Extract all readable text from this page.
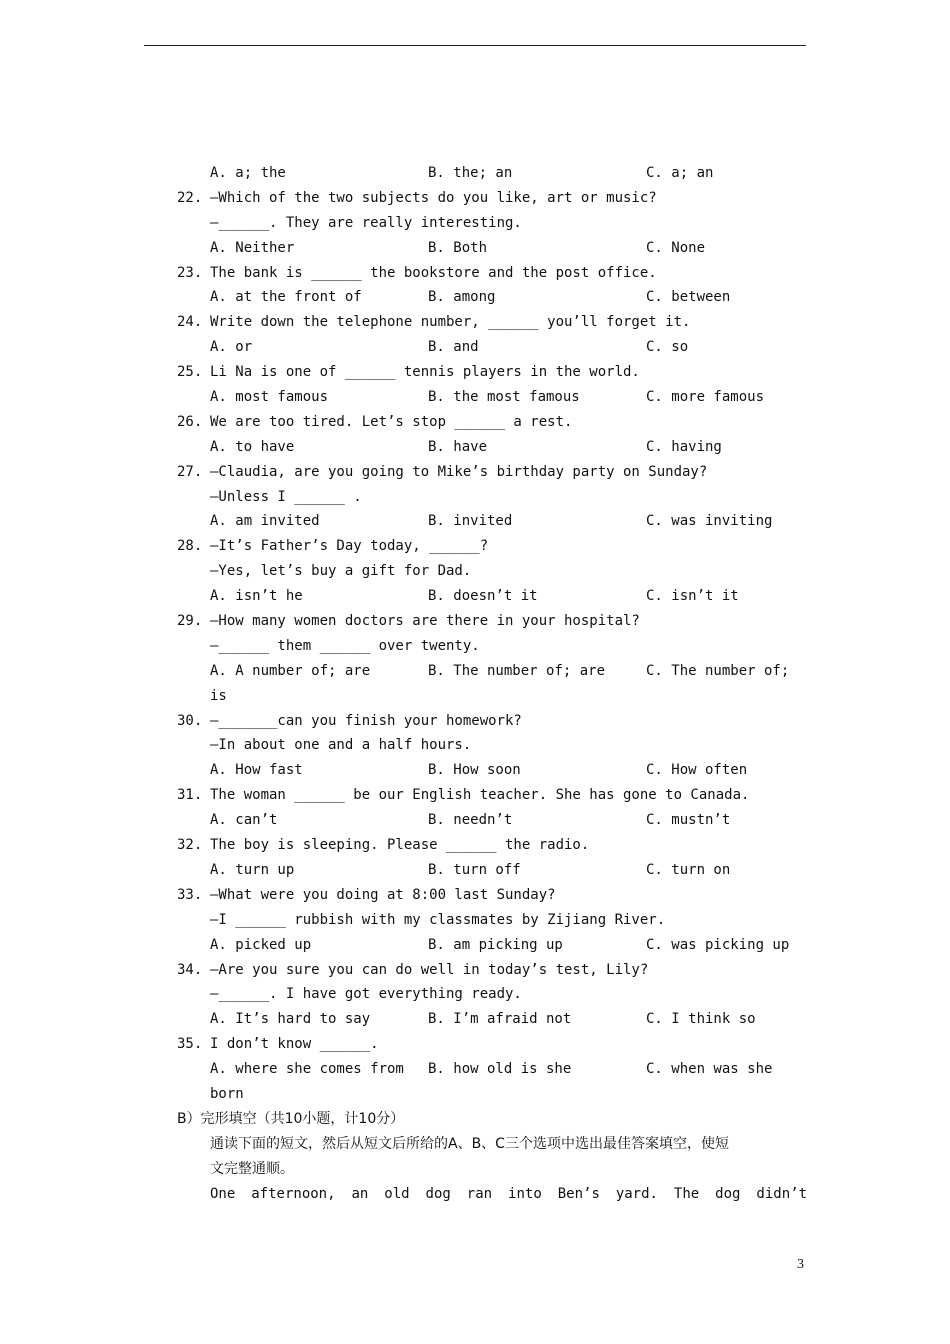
A. a; the

	B. the; an

	C. a; an

22. —Which of the two subjects do you like, art or music?
—______. They are really interesting.

A. Neither

	B. Both

	C. None

23. The bank is ______ the bookstore and the post office.

A. at the front of

	B. among

	C. between

24. Write down the telephone number, ______ you’ll forget it.

A. or

	B. and

	C. so

25. Li Na is one of ______ tennis players in the world.

A. most famous

	B. the most famous

	C. more famous

26. We are too tired. Let’s stop ______ a rest.

A. to have

	B. have

	C. having

27. —Claudia, are you going to Mike’s birthday party on Sunday?
—Unless I ______ .

A. am invited

	B. invited

	C. was inviting

28. —It’s Father’s Day today, ______?
—Yes, let’s buy a gift for Dad.

A. isn’t he

	B. doesn’t it

	C. isn’t it

29. —How many women doctors are there in your hospital?
—______ them ______ over twenty.

A. A number of; are

	B. The number of; are

	C. The number of;

is
30. —_______can you finish your homework?
—In about one and a half hours.

A. How fast

	B. How soon

	C. How often

31. The woman ______ be our English teacher. She has gone to Canada.

A. can’t

	B. needn’t

	C. mustn’t

32. The boy is sleeping. Please ______ the radio.

A. turn up

	B. turn off

	C. turn on

33. —What were you doing at 8:00 last Sunday?
—I ______ rubbish with my classmates by Zijiang River.

A. picked up

	B. am picking up

	C. was picking up

34. —Are you sure you can do well in today’s test, Lily?
—______. I have got everything ready.

A. It’s hard to say

	B. I’m afraid not

	C. I think so

35. I don’t know ______.

A. where she comes from

B. how old is she

	C. when was she

born
B）完形填空（共10小题，计10分）
通读下面的短文，然后从短文后所给的A、B、C三个选项中选出最佳答案填空，使短
文完整通顺。
One afternoon, an old dog ran into Ben’s yard. The dog didn’t
3
